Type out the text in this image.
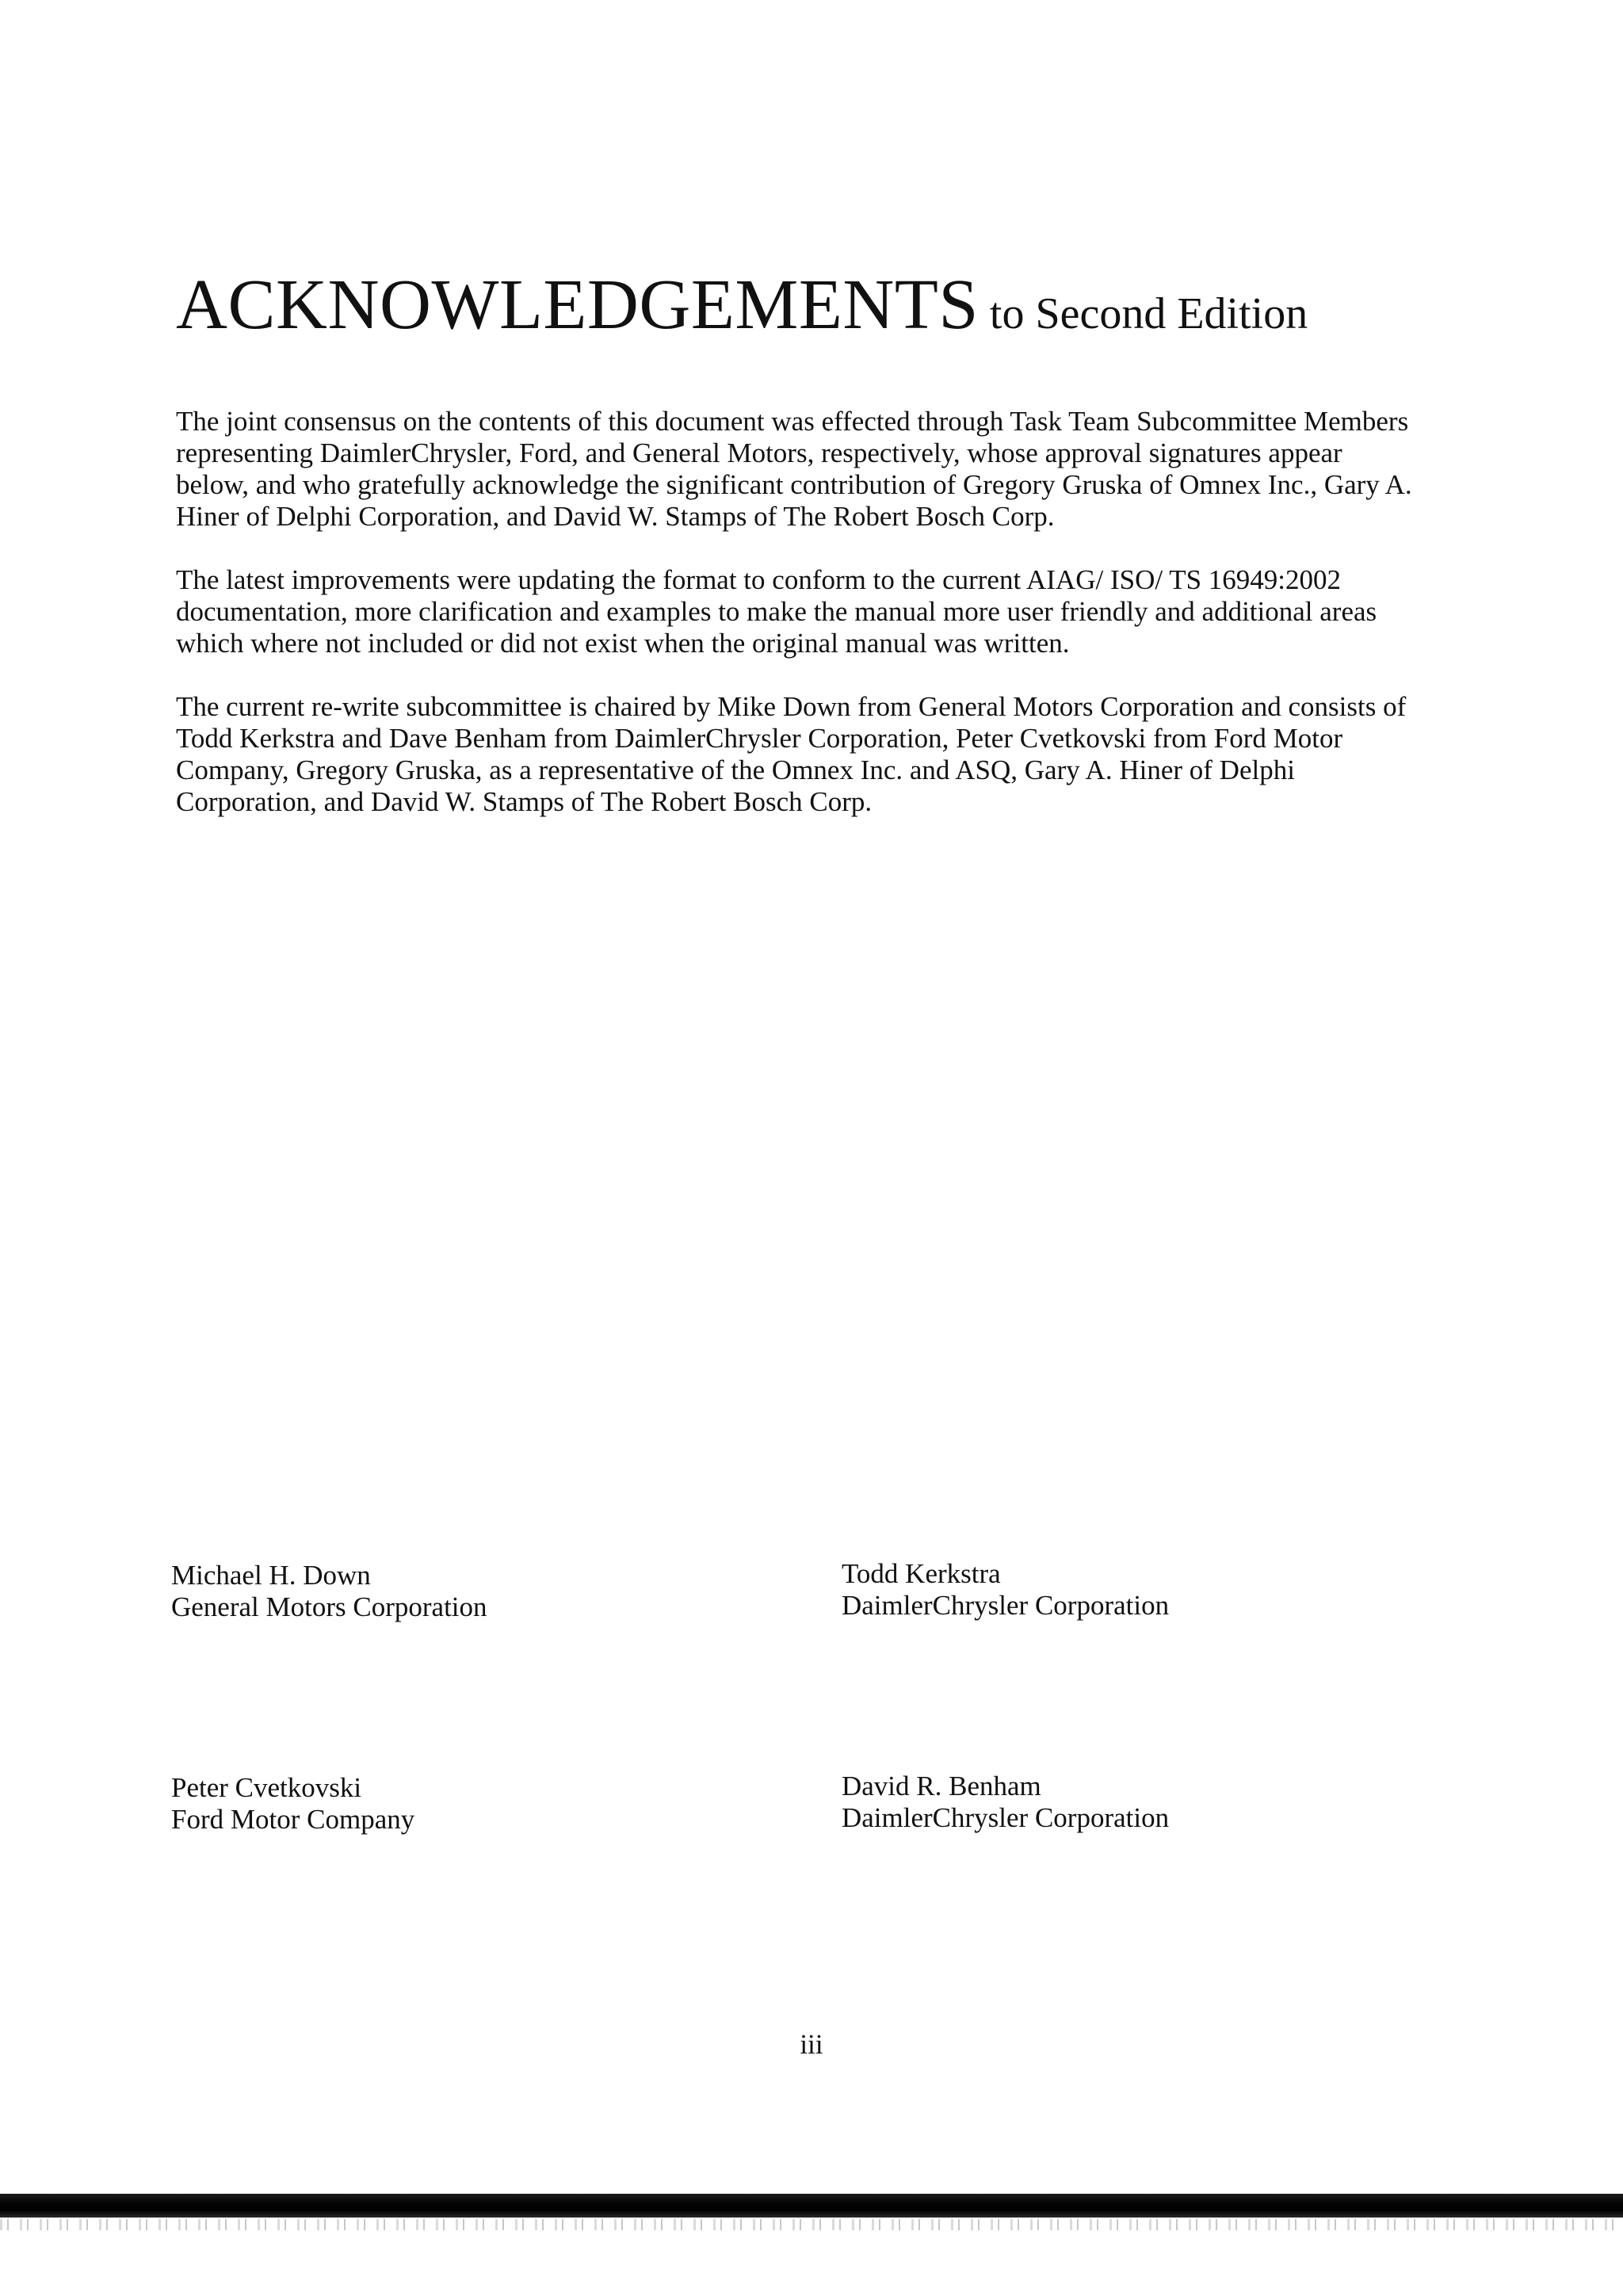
ACKNOWLEDGEMENTS to Second Edition

The joint consensus on the contents of this document was effected through Task Team Subcommittee Members representing DaimlerChrysler, Ford, and General Motors, respectively, whose approval signatures appear below, and who gratefully acknowledge the significant contribution of Gregory Gruska of Omnex Inc., Gary A. Hiner of Delphi Corporation, and David W. Stamps of The Robert Bosch Corp.

The latest improvements were updating the format to conform to the current AIAG/ ISO/ TS 16949:2002 documentation, more clarification and examples to make the manual more user friendly and additional areas which where not included or did not exist when the original manual was written.

The current re-write subcommittee is chaired by Mike Down from General Motors Corporation and consists of Todd Kerkstra and Dave Benham from DaimlerChrysler Corporation, Peter Cvetkovski from Ford Motor Company, Gregory Gruska, as a representative of the Omnex Inc. and ASQ, Gary A. Hiner of Delphi Corporation, and David W. Stamps of The Robert Bosch Corp.

Michael H. Down
General Motors Corporation
Todd Kerkstra
DaimlerChrysler Corporation
Peter Cvetkovski
Ford Motor Company
David R. Benham
DaimlerChrysler Corporation
iii
